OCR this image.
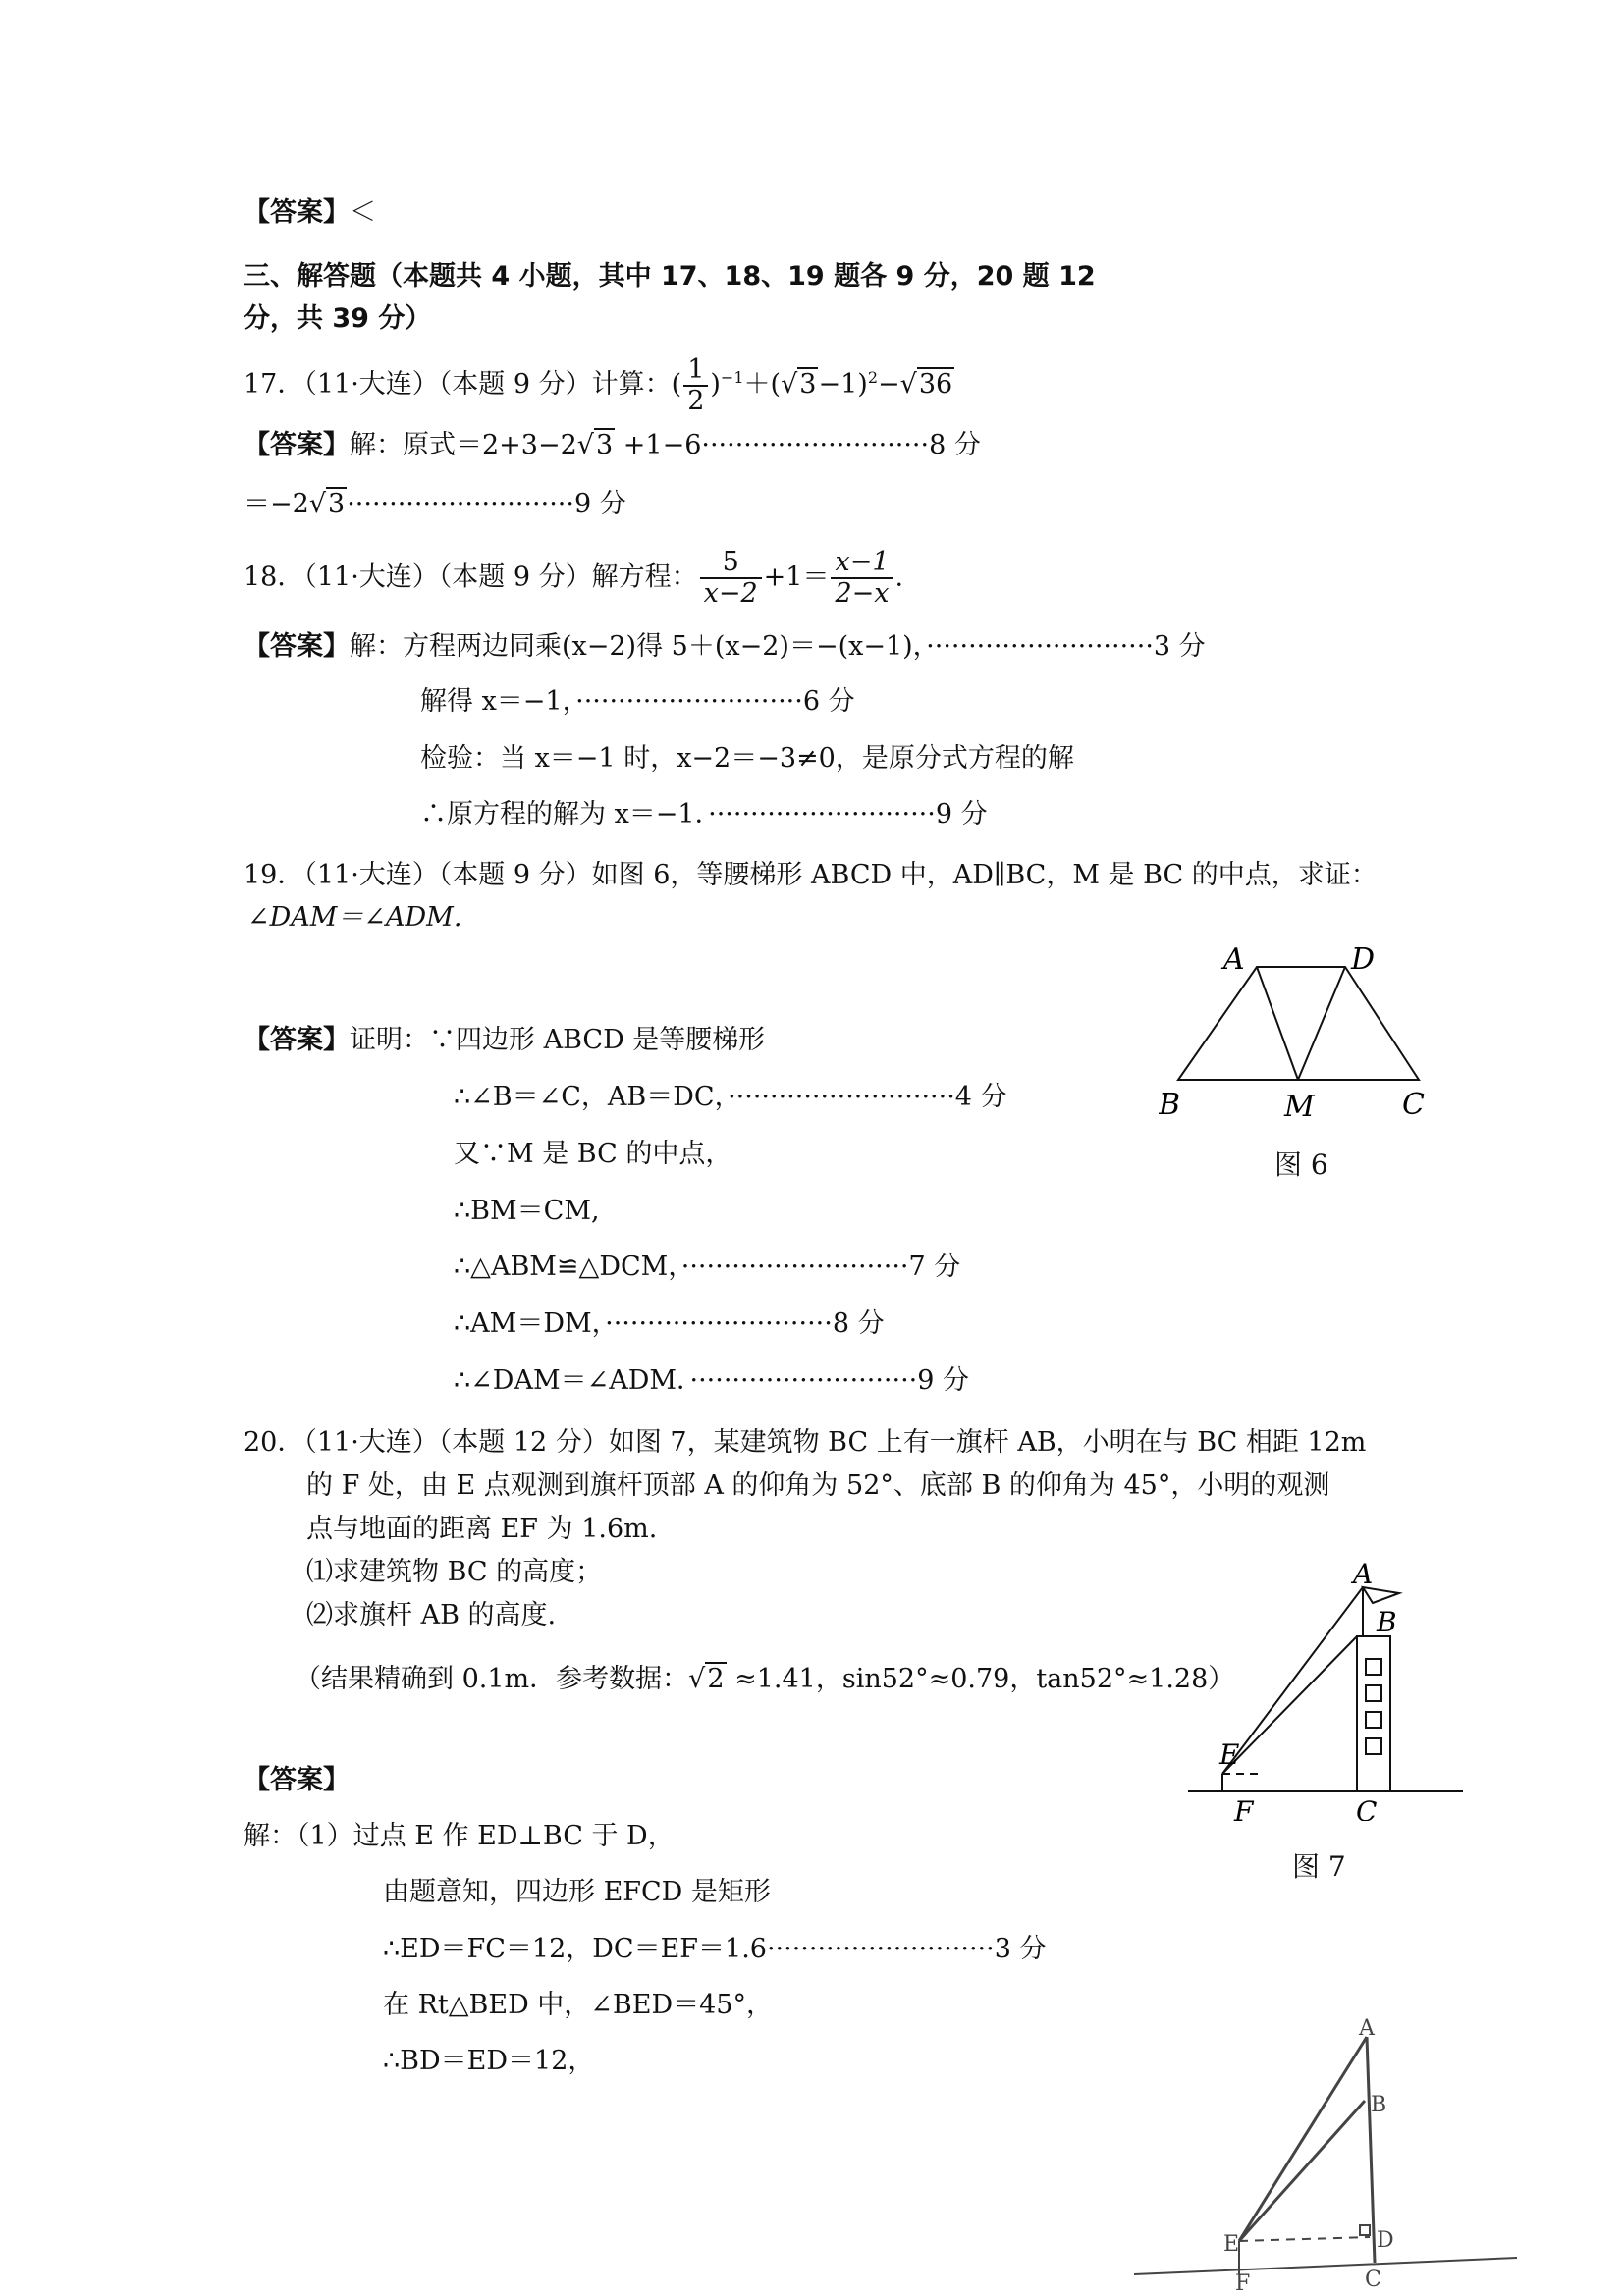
【答案】＜
三、解答题（本题共 4 小题，其中 17、18、19 题各 9 分，20 题 12
分，共 39 分）
17．（11·大连）（本题 9 分）计算：( $\frac{1}{2} )^{-1}+(√3-1)^2-√36$
【答案】解：原式＝2+3−2√3 +1−6···························8 分
＝−2√3···························9 分
18．（11·大连）（本题 9 分）解方程： $\frac{5}{x-2} +1= \frac{x-1}{2-x}$ .
【答案】解：方程两边同乘(x−2)得 5＋(x−2)＝−(x−1)，···························3 分
解得 x＝−1，···························6 分
检验：当 x＝−1 时，x−2＝−3≠0，是原分式方程的解
∴原方程的解为 x＝−1．···························9 分
19．（11·大连）（本题 9 分）如图 6，等腰梯形 ABCD 中，AD∥BC，M 是 BC 的中点，求证：
∠DAM＝∠ADM.
A	D
B	M	C
图 6
【答案】证明：∵四边形 ABCD 是等腰梯形
∴∠B＝∠C，AB＝DC，···························4 分
又∵M 是 BC 的中点，
∴BM＝CM,
∴△ABM≌△DCM，···························7 分
∴AM＝DM，···························8 分
∴∠DAM＝∠ADM．···························9 分
20．（11·大连）（本题 12 分）如图 7，某建筑物 BC 上有一旗杆 AB，小明在与 BC 相距 12m
的 F 处，由 E 点观测到旗杆顶部 A 的仰角为 52°、底部 B 的仰角为 45°，小明的观测
点与地面的距离 EF 为 1.6m.
⑴求建筑物 BC 的高度；
⑵求旗杆 AB 的高度.
（结果精确到 0.1m．参考数据：√2 ≈1.41，sin52°≈0.79，tan52°≈1.28）
A
B
E
F	C
图 7
【答案】
解：（1）过点 E 作 ED⊥BC 于 D，
由题意知，四边形 EFCD 是矩形
∴ED＝FC＝12，DC＝EF＝1.6···························3 分
在 Rt△BED 中，∠BED＝45°，
∴BD＝ED＝12，
A
B
E	D
F	C
